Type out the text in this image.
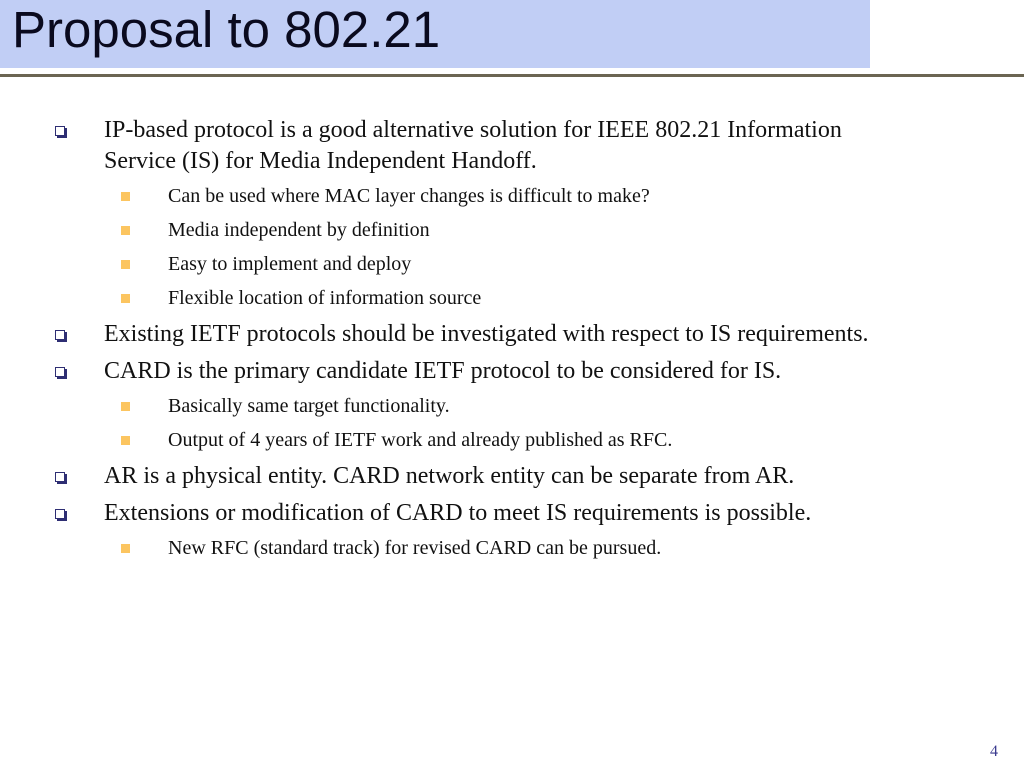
Proposal to 802.21
IP-based protocol is a good alternative solution for IEEE 802.21 Information Service (IS) for Media Independent Handoff.
Can be used where MAC layer changes is difficult to make?
Media independent by definition
Easy to implement and deploy
Flexible location of information source
Existing IETF protocols should be investigated with respect to IS requirements.
CARD is the primary candidate IETF protocol to be considered for IS.
Basically same target functionality.
Output of 4 years of IETF work and already published as RFC.
AR is a physical entity. CARD network entity can be separate from AR.
Extensions or modification of CARD to meet IS requirements is possible.
New RFC (standard track) for revised CARD can be pursued.
4
